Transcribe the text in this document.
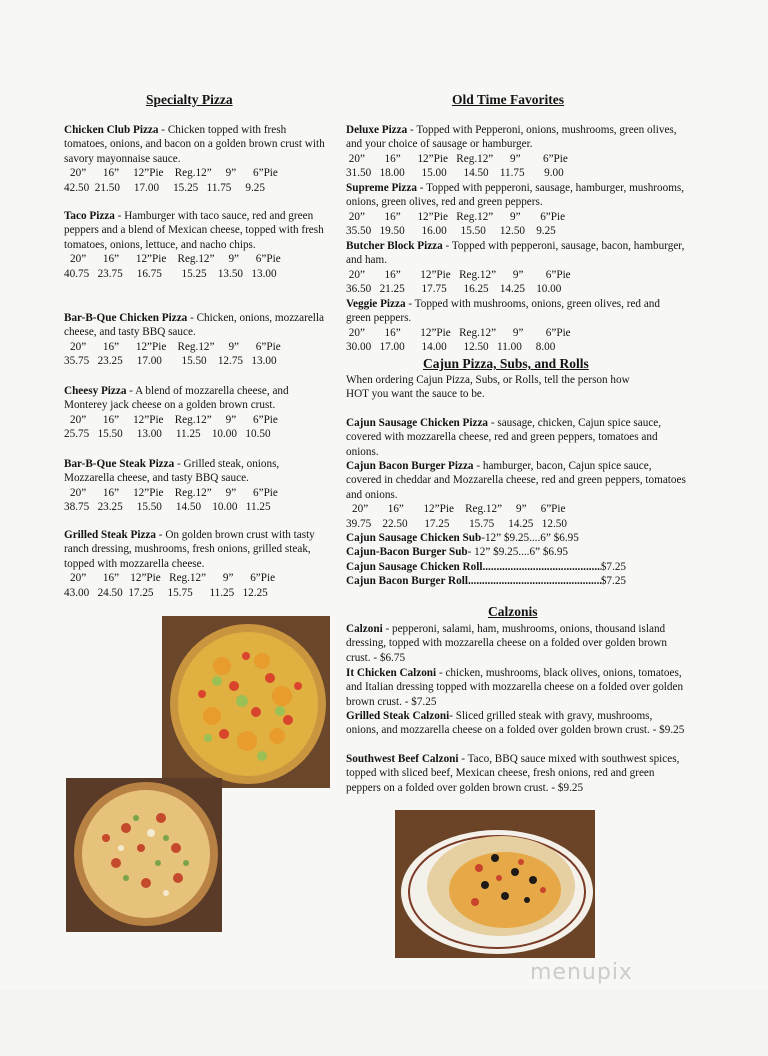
Specialty Pizza
Chicken Club Pizza - Chicken topped with fresh tomatoes, onions, and bacon on a golden brown crust with savory mayonnaise sauce.
20”      16”     12”Pie    Reg.12”     9”      6”Pie
42.50  21.50     17.00     15.25   11.75     9.25
Taco Pizza - Hamburger with taco sauce, red and green peppers and a blend of Mexican cheese, topped with fresh tomatoes, onions, lettuce, and nacho chips.
20”      16”      12”Pie    Reg.12”     9”      6”Pie
40.75   23.75     16.75       15.25    13.50   13.00
Bar-B-Que Chicken Pizza - Chicken, onions, mozzarella cheese, and tasty BBQ sauce.
20”      16”      12”Pie    Reg.12”     9”      6”Pie
35.75   23.25     17.00       15.50    12.75   13.00
Cheesy Pizza - A blend of mozzarella cheese, and Monterey jack cheese on a golden brown crust.
20”      16”     12”Pie    Reg.12”     9”      6”Pie
25.75   15.50     13.00     11.25    10.00   10.50
Bar-B-Que Steak Pizza - Grilled steak, onions, Mozzarella cheese, and tasty BBQ sauce.
20”      16”     12”Pie    Reg.12”     9”      6”Pie
38.75   23.25     15.50     14.50    10.00   11.25
Grilled Steak Pizza - On golden brown crust with tasty ranch dressing, mushrooms, fresh onions, grilled steak, topped with mozzarella cheese.
20”      16”    12”Pie   Reg.12”      9”      6”Pie
43.00   24.50  17.25     15.75      11.25   12.25
Old Time Favorites
Deluxe Pizza - Topped with Pepperoni, onions, mushrooms, green olives, and your choice of sausage or hamburger.
20”       16”      12”Pie   Reg.12”      9”        6”Pie
31.50   18.00      15.00      14.50    11.75       9.00
Supreme Pizza - Topped with pepperoni, sausage, hamburger, mushrooms, onions, green olives, red and green peppers.
20”       16”      12”Pie   Reg.12”      9”       6”Pie
35.50   19.50      16.00     15.50     12.50    9.25
Butcher Block Pizza - Topped with pepperoni, sausage, bacon, hamburger, and ham.
20”       16”       12”Pie   Reg.12”      9”        6”Pie
36.50   21.25      17.75      16.25    14.25    10.00
Veggie Pizza - Topped with mushrooms, onions, green olives, red and green peppers.
20”       16”       12”Pie   Reg.12”      9”        6”Pie
30.00   17.00      14.00      12.50   11.00     8.00
Cajun Pizza, Subs, and Rolls
When ordering Cajun Pizza, Subs, or Rolls, tell the person how HOT you want the sauce to be.
Cajun Sausage Chicken Pizza - sausage, chicken, Cajun spice sauce, covered with mozzarella cheese, red and green peppers, tomatoes and onions.
Cajun Bacon Burger Pizza - hamburger, bacon, Cajun spice sauce, covered in cheddar and Mozzarella cheese, red and green peppers, tomatoes and onions.
20”       16”       12”Pie    Reg.12”     9”     6”Pie
39.75    22.50      17.25       15.75     14.25   12.50
Cajun Sausage Chicken Sub -12” $9.25....6” $6.95
Cajun-Bacon Burger Sub - 12” $9.25....6” $6.95
Cajun Sausage Chicken Roll .....	$7.25
Cajun Bacon Burger Roll .....	$7.25
Calzonis
Calzoni - pepperoni, salami, ham, mushrooms, onions, thousand island dressing, topped with mozzarella cheese on a folded over golden brown crust. - $6.75
It Chicken Calzoni - chicken, mushrooms, black olives, onions, tomatoes, and Italian dressing topped with mozzarella cheese on a folded over golden brown crust. - $7.25
Grilled Steak Calzoni- Sliced grilled steak with gravy, mushrooms, onions, and mozzarella cheese on a folded over golden brown crust. - $9.25
Southwest Beef Calzoni - Taco, BBQ sauce mixed with southwest spices, topped with sliced beef, Mexican cheese, fresh onions, red and green peppers on a folded over golden brown crust. - $9.25
menupix
